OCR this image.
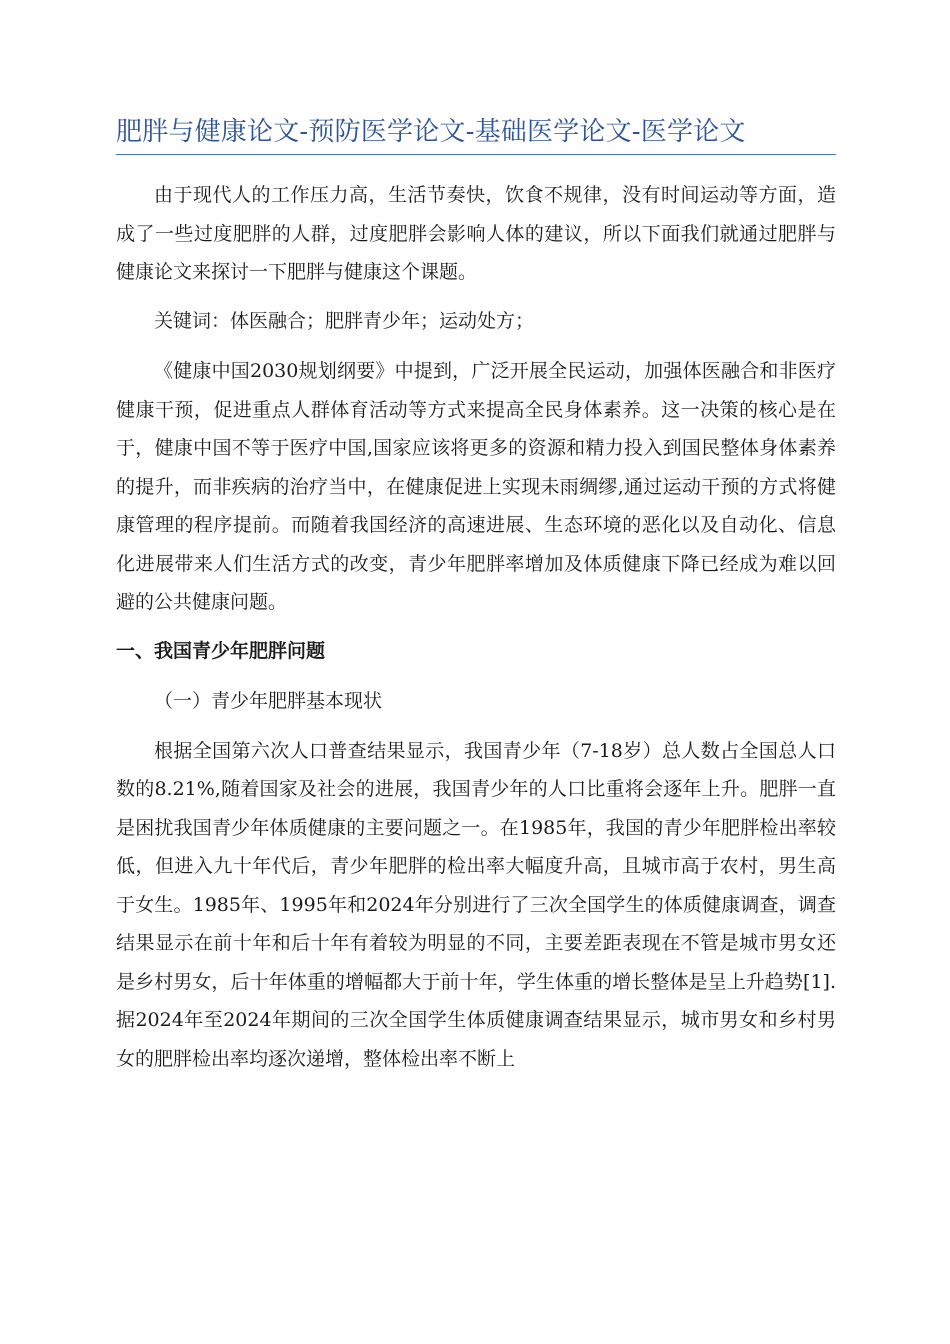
肥胖与健康论文-预防医学论文-基础医学论文-医学论文

由于现代人的工作压力高，生活节奏快，饮食不规律，没有时间运动等方面，造成了一些过度肥胖的人群，过度肥胖会影响人体的建议，所以下面我们就通过肥胖与健康论文来探讨一下肥胖与健康这个课题。

关键词：体医融合；肥胖青少年；运动处方；

《健康中国2030规划纲要》中提到，广泛开展全民运动，加强体医融合和非医疗健康干预，促进重点人群体育活动等方式来提高全民身体素养。这一决策的核心是在于，健康中国不等于医疗中国,国家应该将更多的资源和精力投入到国民整体身体素养的提升，而非疾病的治疗当中，在健康促进上实现未雨绸缪,通过运动干预的方式将健康管理的程序提前。而随着我国经济的高速进展、生态环境的恶化以及自动化、信息化进展带来人们生活方式的改变，青少年肥胖率增加及体质健康下降已经成为难以回避的公共健康问题。

一、我国青少年肥胖问题

（一）青少年肥胖基本现状

根据全国第六次人口普查结果显示，我国青少年（7-18岁）总人数占全国总人口数的8.21%,随着国家及社会的进展，我国青少年的人口比重将会逐年上升。肥胖一直是困扰我国青少年体质健康的主要问题之一。在1985年，我国的青少年肥胖检出率较低，但进入九十年代后，青少年肥胖的检出率大幅度升高，且城市高于农村，男生高于女生。1985年、1995年和2024年分别进行了三次全国学生的体质健康调查，调查结果显示在前十年和后十年有着较为明显的不同，主要差距表现在不管是城市男女还是乡村男女，后十年体重的增幅都大于前十年，学生体重的增长整体是呈上升趋势[1].据2024年至2024年期间的三次全国学生体质健康调查结果显示，城市男女和乡村男女的肥胖检出率均逐次递增，整体检出率不断上
